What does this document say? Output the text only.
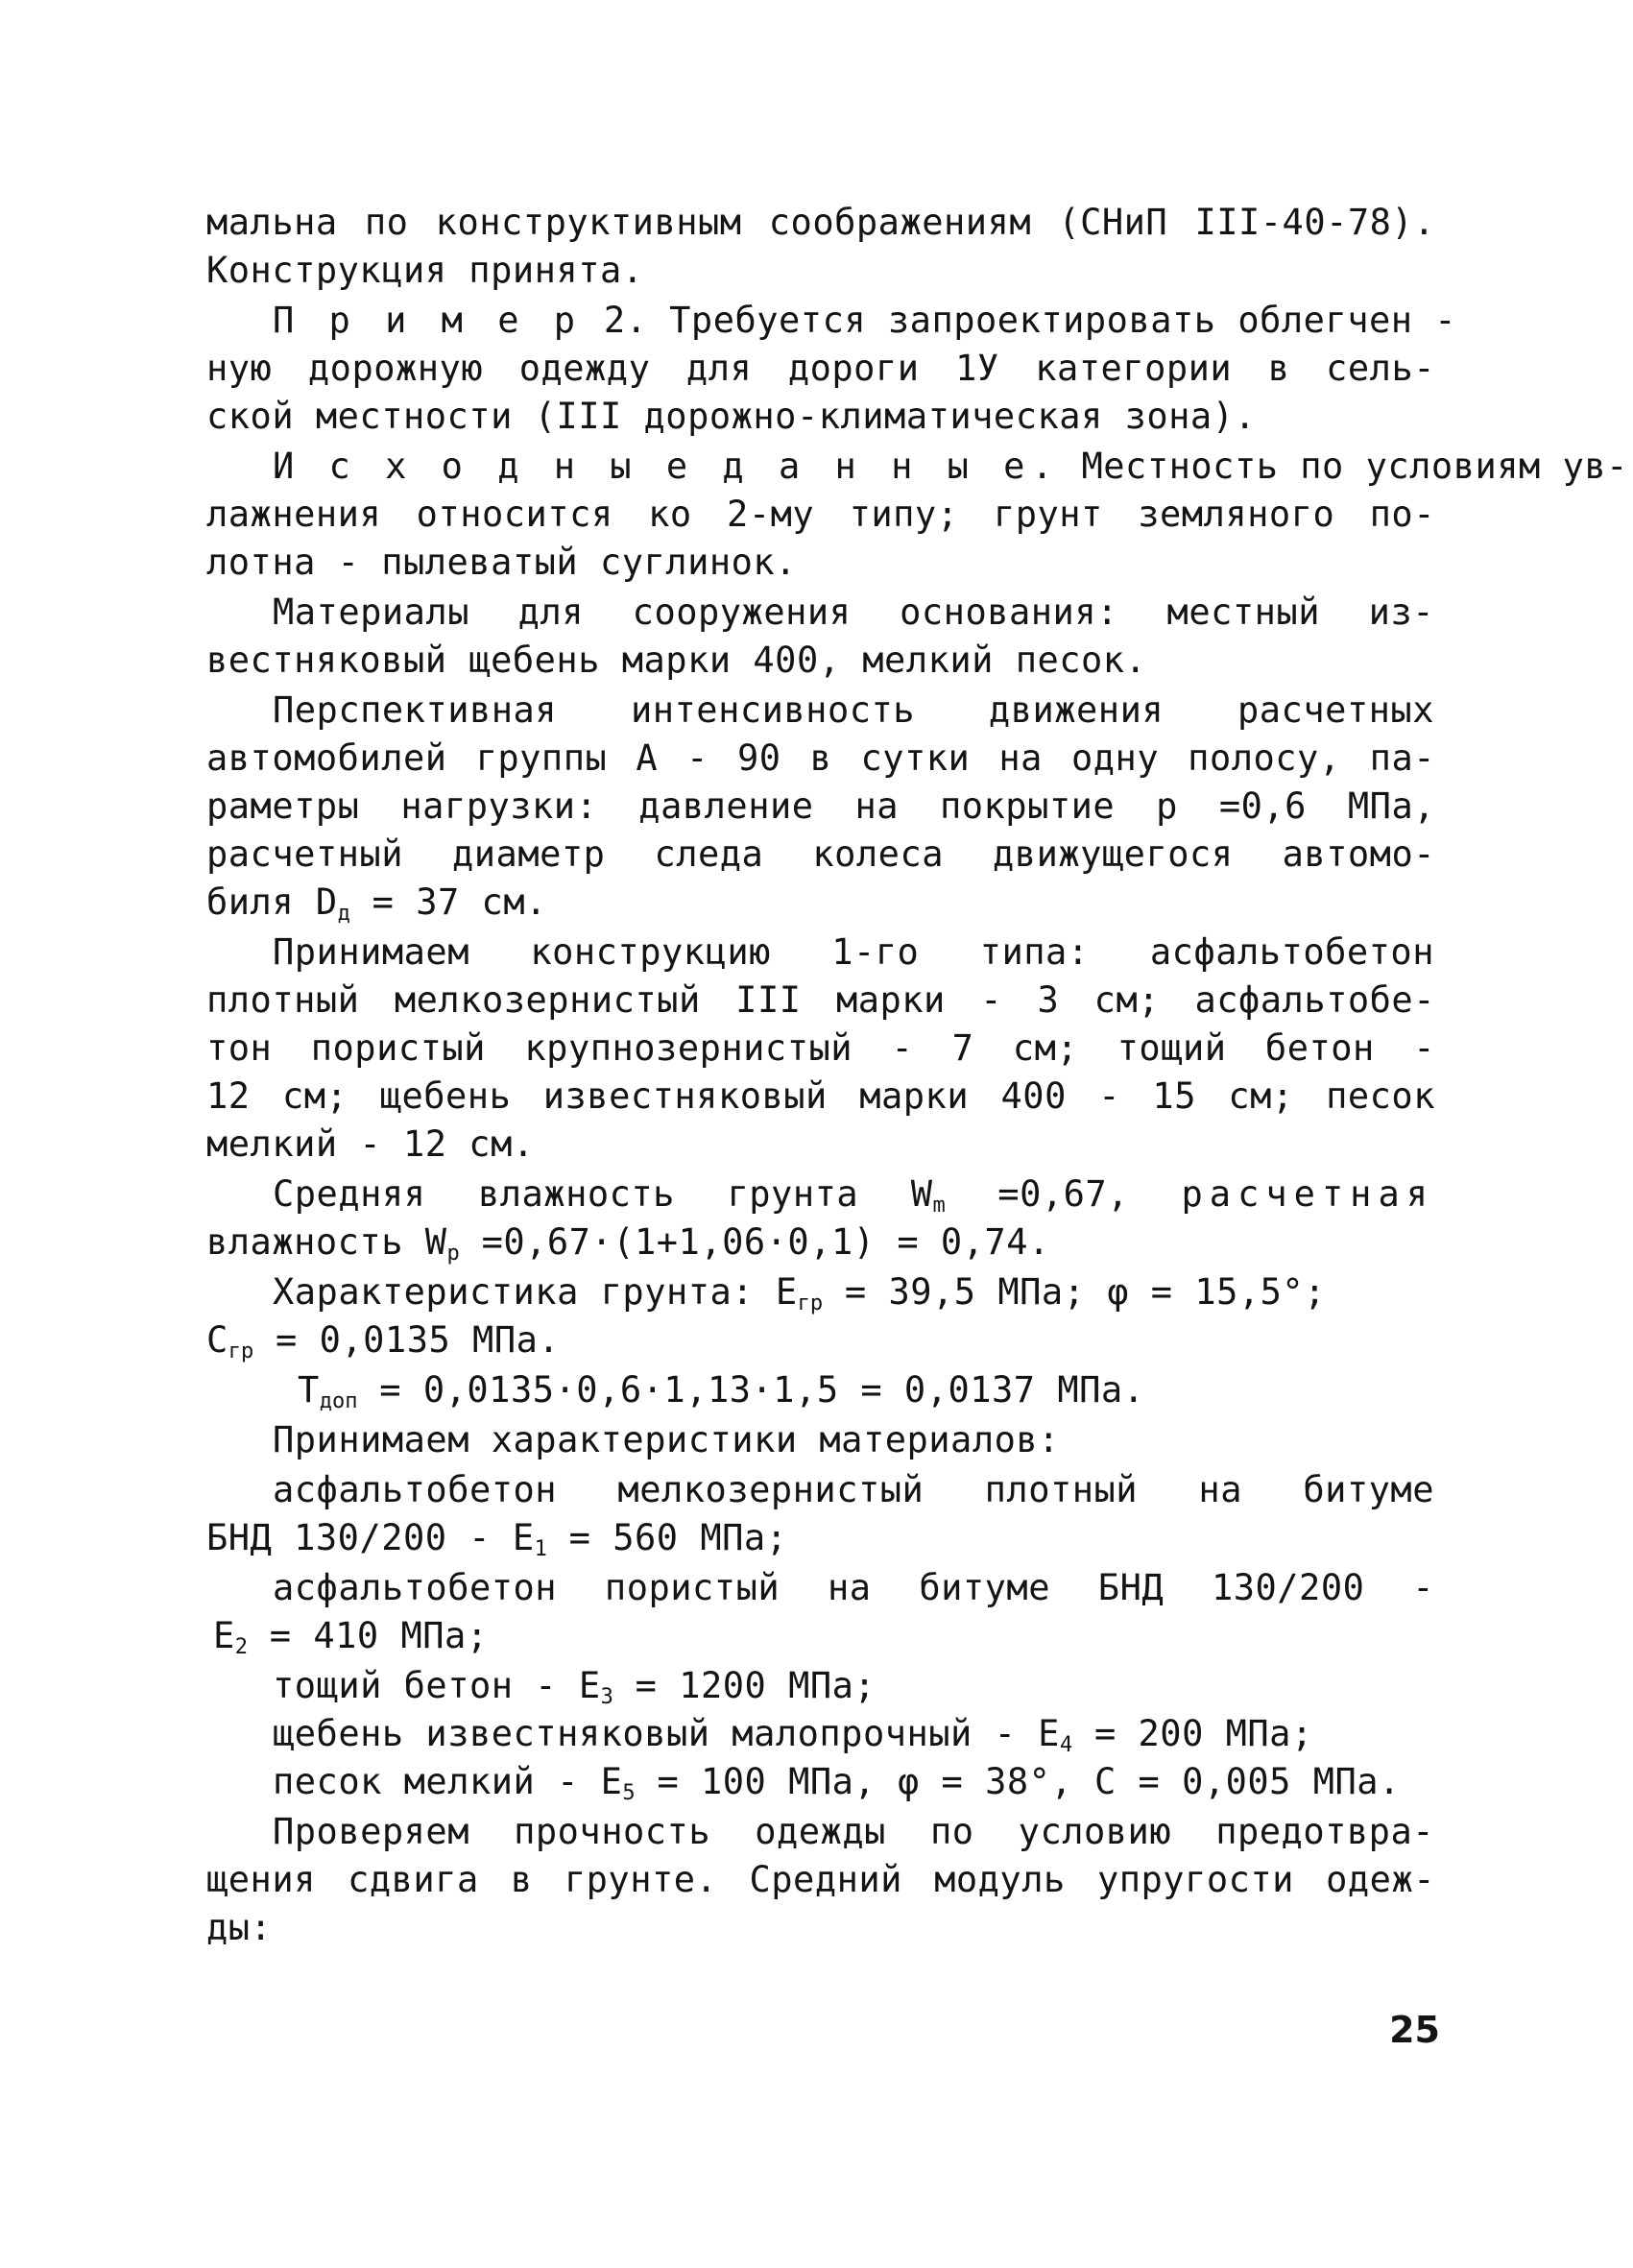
мальна по конструктивным соображениям (СНиП III-40-78).
Конструкция принята.
П р и м е р 2. Требуется запроектировать облегчен -
ную дорожную одежду для дороги 1У категории в сель-
ской местности (III дорожно-климатическая зона).
И с х о д н ы е д а н н ы е. Местность по условиям ув-
лажнения относится ко 2-му типу; грунт земляного по-
лотна - пылеватый суглинок.
Материалы для сооружения основания: местный из-
вестняковый щебень марки 400, мелкий песок.
Перспективная интенсивность движения расчетных
автомобилей группы А - 90 в сутки на одну полосу, па-
раметры нагрузки: давление на покрытие p =0,6 МПа,
расчетный диаметр следа колеса движущегося автомо-
биля $D_д = 37$ см.
Принимаем конструкцию 1-го типа: асфальтобетон
плотный мелкозернистый III марки - 3 см; асфальтобе-
тон пористый крупнозернистый - 7 см; тощий бетон -
12 см; щебень известняковый марки 400 - 15 см; песок
мелкий - 12 см.
Средняя влажность грунта $W_m =0,67$, расчетная
влажность $W_p =0,67\cdot(1+1,06\cdot 0,1) = 0,74$.
Характеристика грунта: $E_{гр} = 39,5$ МПа; φ = 15,5°;
$C_{гр} = 0,0135$ МПа.
$T_{доп} = 0,0135\cdot 0,6\cdot 1,13\cdot 1,5 = 0,0137$ МПа.
Принимаем характеристики материалов:
асфальтобетон мелкозернистый плотный на битуме
БНД $130/200 - E_1 = 560$ МПа;
асфальтобетон пористый на битуме БНД 130/200 -
$E_2 = 410$ МПа;
тощий бетон - $E_3 = 1200$ МПа;
щебень известняковый малопрочный - $E_4 = 200$ МПа;
песок мелкий - $E_5 = 100$ МПа, φ = 38°, C = 0,005 МПа.
Проверяем прочность одежды по условию предотвра-
щения сдвига в грунте. Средний модуль упругости одеж-
ды:
25
